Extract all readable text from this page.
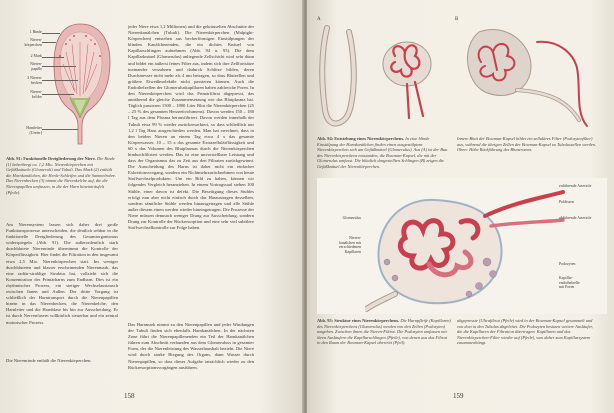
1 Rinde
Nieren-
körperchen
2 Mark
Nieren-
papille
3 Nieren-
becken
Nieren-
kelche
Harnleiter
(Ureter)
Abb. 91: Funktionelle Dreigliederung der Niere. Die Rinde (1) beherbergt ca. 1,2 Mio. Nierenkörperchen mit Gefäßknäueln (Glomeruli) und Tubuli. Das Mark (2) enthält die Harnkanälchen, die Henle-Schleifen und die Sammelrohre. Das Nierenbecken (3) nimmt die Nierenkelche auf, die die Nierenpapillen umfassen, in die der Harn hineinträufelt (Pfeile).
Am Nierensystem lassen sich daher drei große Funktionsprozesse unterscheiden, die deutlich sehbar in die funktionelle Dreigliederung des Gesamtorganismus widerspiegeln (Abb. 91). Die außerordentlich stark durchblutete Nierenrinde übernimmt die Kontrolle der Körperflüssigkeit. Hier findet die Filtration in den insgesamt etwa 2,5 Mio. Nierenkörperchen statt. Im weniger durchbluteten und blasser erscheinenden Nierenmark, das eine radiär-strahlige Struktur hat, vollzieht sich die Konzentration des Primärharns zum Endharn. Dies ist ein rhythmischer Prozess, ein stetiger Wechselaustausch zwischen Innen und Außen. Der dritte Vorgang ist schließlich der Harntransport durch die Nierenpapillen hinein in das Nierenbecken, die Nierenkelche, den Harnleiter und die Harnblase bis hin zur Ausscheidung. Er ist durch Nervenfasern willkürlich steuerbar und ein zentral motorischer Prozess.
Die Nierenrinde enthält die Nierenkörperchen.
jeder Niere etwa 1,2 Millionen) und die gekräuselten Abschnitte der Nierenkanälchen (Tubuli). Die Nierenkörperchen (Malpighi-Körperchen) entstehen aus becherförmigen Einstülpungen der blinden Kanälchenenden, die ein dichtes Knäuel von Kapillarschlingen aufnehmen (Abb. 94 u. 95). Die dem Kapillarknäuel (Glomerulus) anliegende Zellschicht wird sehr dünn und bildet ein äußerst feines Filter aus, indem sich ihre Zellfortsätze ineinander verzahnen und dadurch Schlitze bilden, deren Durchmesser nicht mehr als 4 nm betragen, so dass Blutzellen und größere Eiweißmoleküle nicht passieren können. Auch die Endothelzellen der Glomeruluskapillaren haben zahlreiche Poren. In den Nierenkörperchen wird das Primärfiltrat abgepresst, das annähernd die gleiche Zusammensetzung wie das Blutplasma hat. Täglich passieren 1500 – 1800 Liter Blut die Nierenkörperchen (25 – 25 % des gesamten Herzzeitvolumens). Davon werden 150 – 180 l Tag aus dem Plasma herausfiltriert. Davon werden innerhalb der Tubuli etwa 99 % wieder zurückresorbiert, so dass schließlich nur 1,2 l Tag Harn ausgeschieden werden. Man hat errechnet, dass in den beiden Nieren an einem Tag etwa 4 x das gesamte Körperwasser, 10 – 15 x das gesamte Extrazellulärflüssigkeit und 60 x das Volumen des Blutplasmas durch die Nierenkörperchen hindurchfiltriert werden. Das ist eine unvorstellbare Leistung und dass der Organismus das zu Zeit aus den Filtraten zurückgewinnt. Die Ausscheidung des Harns ist daher nicht ein einfacher Exkretionsvorgang, sondern ein Nichtmehrzurücknehmen von heute Stoffwechselprodukten. Um ein Bild zu haben, können wir folgendes Vergleich heranziehen. In einem Vortragssaal stehen 100 Stühle, einer davon ist defekt. Die Beseitigung dieses Stuhles erfolgt nun aber nicht einfach durch das Hinaustragen desselben, sondern sämtliche Stühle werden hinausgetragen und alle Stühle außer diesem einen werden wieder hineingetragen. Die Prozesse der Niere müssen demnach weniger Drang zur Ausscheidung, sondern Drang zur Kontrolle der Rückresorption und eine sehr viel subtilere Stoffwechselkontrolle zur Folge haben.
Das Harnmark nimmt zu den Nierenpapillen und jeder Windungen der Tubuli finden sich ebenfalls Harnkanälchen. In der nächsten Zone führt die Nierenpapillenenden ein Teil der Harnkanälchen führen zum Abschnitt verbunden aus dem Glomeruluss in gesamter Form, der die Nierenleistung des Wasserhaushalt bezieht. Die Niere wird durch starke Biegung des Organs, dann Wasser durch Nierenpapillen, so dass dieser Aufgabe tatsächlich wieder zu den Rückresorptionsvorgängen ausführen.
158
A	B
Abb. 94: Entstehung eines Nierenkörperchens. In eine blinde Einstülpung der Harnkanälchen finden einen ausgestülptem Nierenkörperchen sich am Gefäßknäuel (Glomerulus). Aus (A) ist der Bau des Nierenkörperchens entstanden, die Bowman-Kapsel, die mit der Glomerulus umfasst. Die bläulich dargestellten Schlingen (B) zeigen die Gefäßknäuel der Nierenkörperchen.
Innere Blatt der Bowman-Kapsel bildet ein zelluläres Filter (Podozytenfilter) aus, während die übrigen Zellen der Bowman-Kapsel zu Tubuluszellen werden. Oben: Höhe Rückführung des Blutstromes.
Glomerulus
Nieren-
kanälchen mit
verschiedenen
Kapillaren
zuführende Arteriole
Poldissen
abführende Arteriole
Podozyten
Kapillar-
endothelzelle
mit Poren
Abb. 95: Struktur eines Nierenkörperchens. Die Harnpfleife (Kapillaren) des Nierenkörperchens (Glomerulus) werden von den Zellen (Podozyten) umgeben. Zwischen ihnen die Nieren-Filtrat. Die Podozyten umfassen mit ihren Ausläufern die Kapillarschlingen (Pfeile), von denen aus das Filtrat in den Raum der Bowman-Kapsel übertritt (Pfeil).
abgepresste (Ultrafiltrat (Pfeile) wird in der Bowman-Kapsel gesammelt und von dort in den Tubulus abgeleitet. Die Podozyten besitzen weitere Ausläufer, die die Kapillaren der Filtration übertragen. Kapillaren und das Nierenkörperchen-Filter wieder auf (Pfeile), was daher zum Kapillarsystem zusammenhängt.
159
